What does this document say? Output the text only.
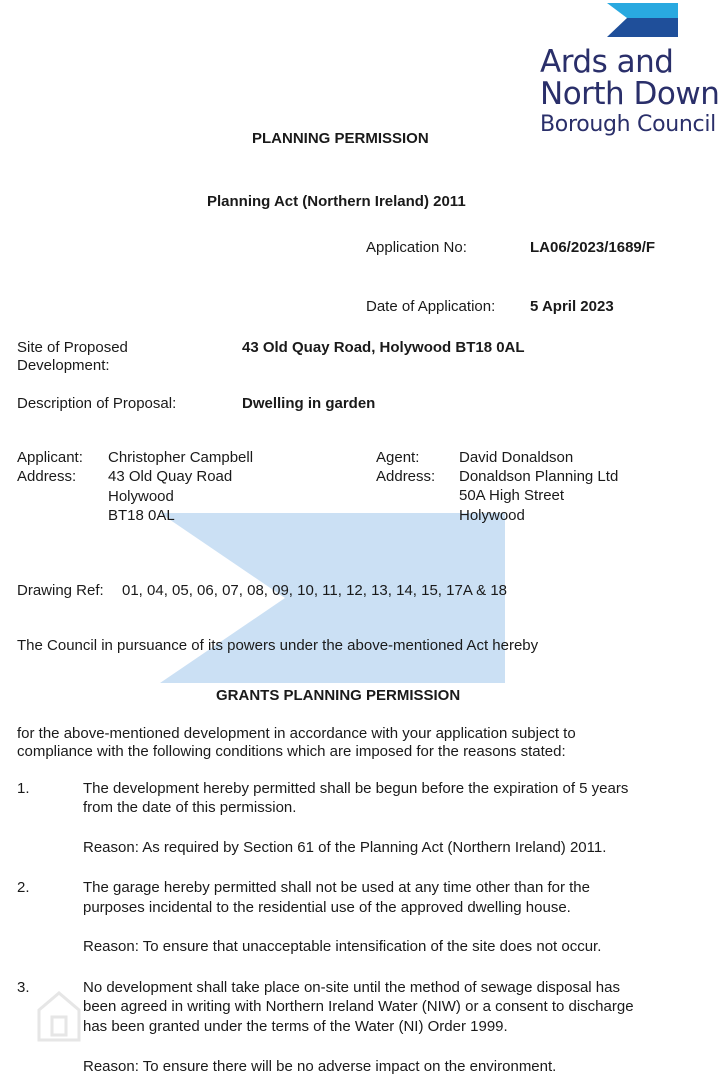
Ards and
North Down
Borough Council
PLANNING PERMISSION
Planning Act (Northern Ireland) 2011
Application No:	LA06/2023/1689/F
Date of Application: 5 April 2023
Site of Proposed
Development:
43 Old Quay Road, Holywood BT18 0AL
Description of Proposal:	Dwelling in garden
Applicant: Christopher Campbell
Address: 43 Old Quay Road
Holywood
BT18 0AL
Agent:	David Donaldson
Address: Donaldson Planning Ltd
50A High Street
Holywood
Drawing Ref: 01, 04, 05, 06, 07, 08, 09, 10, 11, 12, 13, 14, 15, 17A & 18
The Council in pursuance of its powers under the above-mentioned Act hereby
GRANTS PLANNING PERMISSION
for the above-mentioned development in accordance with your application subject to
compliance with the following conditions which are imposed for the reasons stated:
1.	The development hereby permitted shall be begun before the expiration of 5 years
from the date of this permission.
Reason: As required by Section 61 of the Planning Act (Northern Ireland) 2011.
2.	The garage hereby permitted shall not be used at any time other than for the
purposes incidental to the residential use of the approved dwelling house.
Reason: To ensure that unacceptable intensification of the site does not occur.
3.	No development shall take place on-site until the method of sewage disposal has
been agreed in writing with Northern Ireland Water (NIW) or a consent to discharge
has been granted under the terms of the Water (NI) Order 1999.
Reason: To ensure there will be no adverse impact on the environment.
